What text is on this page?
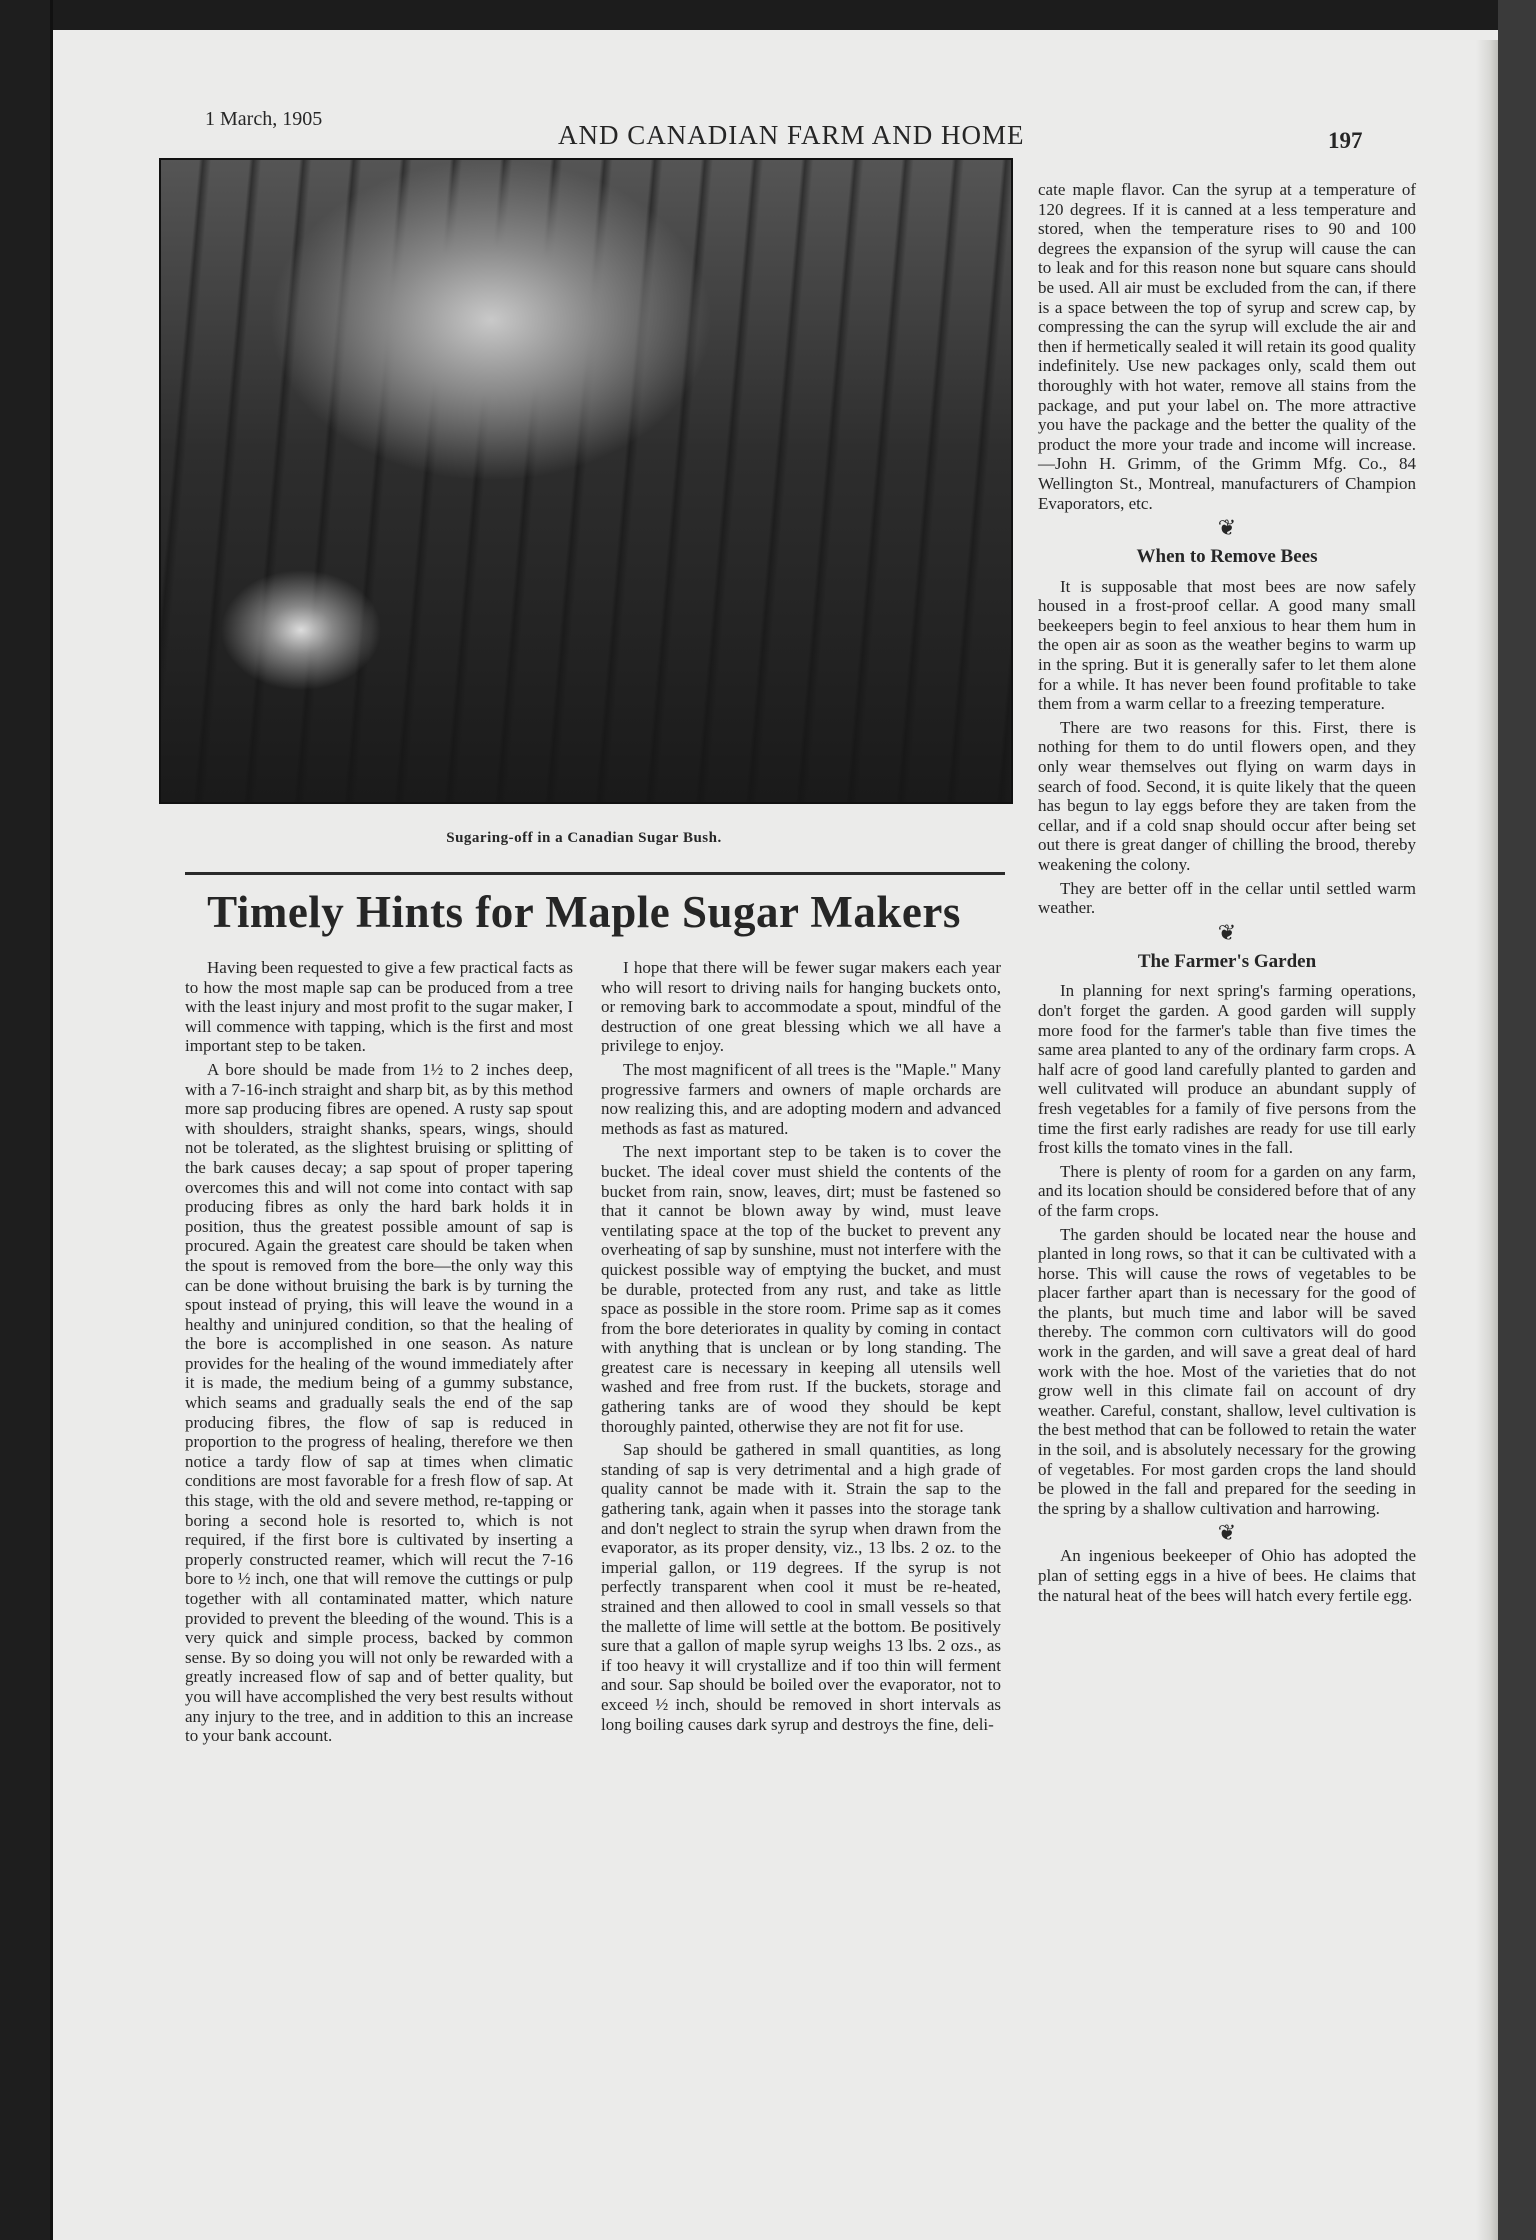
1 March, 1905
AND CANADIAN FARM AND HOME	197
Sugaring-off in a Canadian Sugar Bush.
Timely Hints for Maple Sugar Makers

Having been requested to give a few practical facts as to how the most maple sap can be produced from a tree with the least injury and most profit to the sugar maker, I will commence with tapping, which is the first and most important step to be taken.

A bore should be made from 1½ to 2 inches deep, with a 7-16-inch straight and sharp bit, as by this method more sap producing fibres are opened. A rusty sap spout with shoulders, straight shanks, spears, wings, should not be tolerated, as the slightest bruising or splitting of the bark causes decay; a sap spout of proper tapering overcomes this and will not come into contact with sap producing fibres as only the hard bark holds it in position, thus the greatest possible amount of sap is procured. Again the greatest care should be taken when the spout is removed from the bore—the only way this can be done without bruising the bark is by turning the spout instead of prying, this will leave the wound in a healthy and uninjured condition, so that the healing of the bore is accomplished in one season. As nature provides for the healing of the wound immediately after it is made, the medium being of a gummy substance, which seams and gradually seals the end of the sap producing fibres, the flow of sap is reduced in proportion to the progress of healing, therefore we then notice a tardy flow of sap at times when climatic conditions are most favorable for a fresh flow of sap. At this stage, with the old and severe method, re-tapping or boring a second hole is resorted to, which is not required, if the first bore is cultivated by inserting a properly constructed reamer, which will recut the 7-16 bore to ½ inch, one that will remove the cuttings or pulp together with all contaminated matter, which nature provided to prevent the bleeding of the wound. This is a very quick and simple process, backed by common sense. By so doing you will not only be rewarded with a greatly increased flow of sap and of better quality, but you will have accomplished the very best results without any injury to the tree, and in addition to this an increase to your bank account.

I hope that there will be fewer sugar makers each year who will resort to driving nails for hanging buckets onto, or removing bark to accommodate a spout, mindful of the destruction of one great blessing which we all have a privilege to enjoy.

The most magnificent of all trees is the "Maple." Many progressive farmers and owners of maple orchards are now realizing this, and are adopting modern and advanced methods as fast as matured.

The next important step to be taken is to cover the bucket. The ideal cover must shield the contents of the bucket from rain, snow, leaves, dirt; must be fastened so that it cannot be blown away by wind, must leave ventilating space at the top of the bucket to prevent any overheating of sap by sunshine, must not interfere with the quickest possible way of emptying the bucket, and must be durable, protected from any rust, and take as little space as possible in the store room. Prime sap as it comes from the bore deteriorates in quality by coming in contact with anything that is unclean or by long standing. The greatest care is necessary in keeping all utensils well washed and free from rust. If the buckets, storage and gathering tanks are of wood they should be kept thoroughly painted, otherwise they are not fit for use.

Sap should be gathered in small quantities, as long standing of sap is very detrimental and a high grade of quality cannot be made with it. Strain the sap to the gathering tank, again when it passes into the storage tank and don't neglect to strain the syrup when drawn from the evaporator, as its proper density, viz., 13 lbs. 2 oz. to the imperial gallon, or 119 degrees. If the syrup is not perfectly transparent when cool it must be re-heated, strained and then allowed to cool in small vessels so that the mallette of lime will settle at the bottom. Be positively sure that a gallon of maple syrup weighs 13 lbs. 2 ozs., as if too heavy it will crystallize and if too thin will ferment and sour. Sap should be boiled over the evaporator, not to exceed ½ inch, should be removed in short intervals as long boiling causes dark syrup and destroys the fine, deli-

cate maple flavor. Can the syrup at a temperature of 120 degrees. If it is canned at a less temperature and stored, when the temperature rises to 90 and 100 degrees the expansion of the syrup will cause the can to leak and for this reason none but square cans should be used. All air must be excluded from the can, if there is a space between the top of syrup and screw cap, by compressing the can the syrup will exclude the air and then if hermetically sealed it will retain its good quality indefinitely. Use new packages only, scald them out thoroughly with hot water, remove all stains from the package, and put your label on. The more attractive you have the package and the better the quality of the product the more your trade and income will increase.—John H. Grimm, of the Grimm Mfg. Co., 84 Wellington St., Montreal, manufacturers of Champion Evaporators, etc.

❦
When to Remove Bees

It is supposable that most bees are now safely housed in a frost-proof cellar. A good many small beekeepers begin to feel anxious to hear them hum in the open air as soon as the weather begins to warm up in the spring. But it is generally safer to let them alone for a while. It has never been found profitable to take them from a warm cellar to a freezing temperature.

There are two reasons for this. First, there is nothing for them to do until flowers open, and they only wear themselves out flying on warm days in search of food. Second, it is quite likely that the queen has begun to lay eggs before they are taken from the cellar, and if a cold snap should occur after being set out there is great danger of chilling the brood, thereby weakening the colony.

They are better off in the cellar until settled warm weather.

❦
The Farmer's Garden

In planning for next spring's farming operations, don't forget the garden. A good garden will supply more food for the farmer's table than five times the same area planted to any of the ordinary farm crops. A half acre of good land carefully planted to garden and well culitvated will produce an abundant supply of fresh vegetables for a family of five persons from the time the first early radishes are ready for use till early frost kills the tomato vines in the fall.

There is plenty of room for a garden on any farm, and its location should be considered before that of any of the farm crops.

The garden should be located near the house and planted in long rows, so that it can be cultivated with a horse. This will cause the rows of vegetables to be placer farther apart than is necessary for the good of the plants, but much time and labor will be saved thereby. The common corn cultivators will do good work in the garden, and will save a great deal of hard work with the hoe. Most of the varieties that do not grow well in this climate fail on account of dry weather. Careful, constant, shallow, level cultivation is the best method that can be followed to retain the water in the soil, and is absolutely necessary for the growing of vegetables. For most garden crops the land should be plowed in the fall and prepared for the seeding in the spring by a shallow cultivation and harrowing.

❦

An ingenious beekeeper of Ohio has adopted the plan of setting eggs in a hive of bees. He claims that the natural heat of the bees will hatch every fertile egg.
